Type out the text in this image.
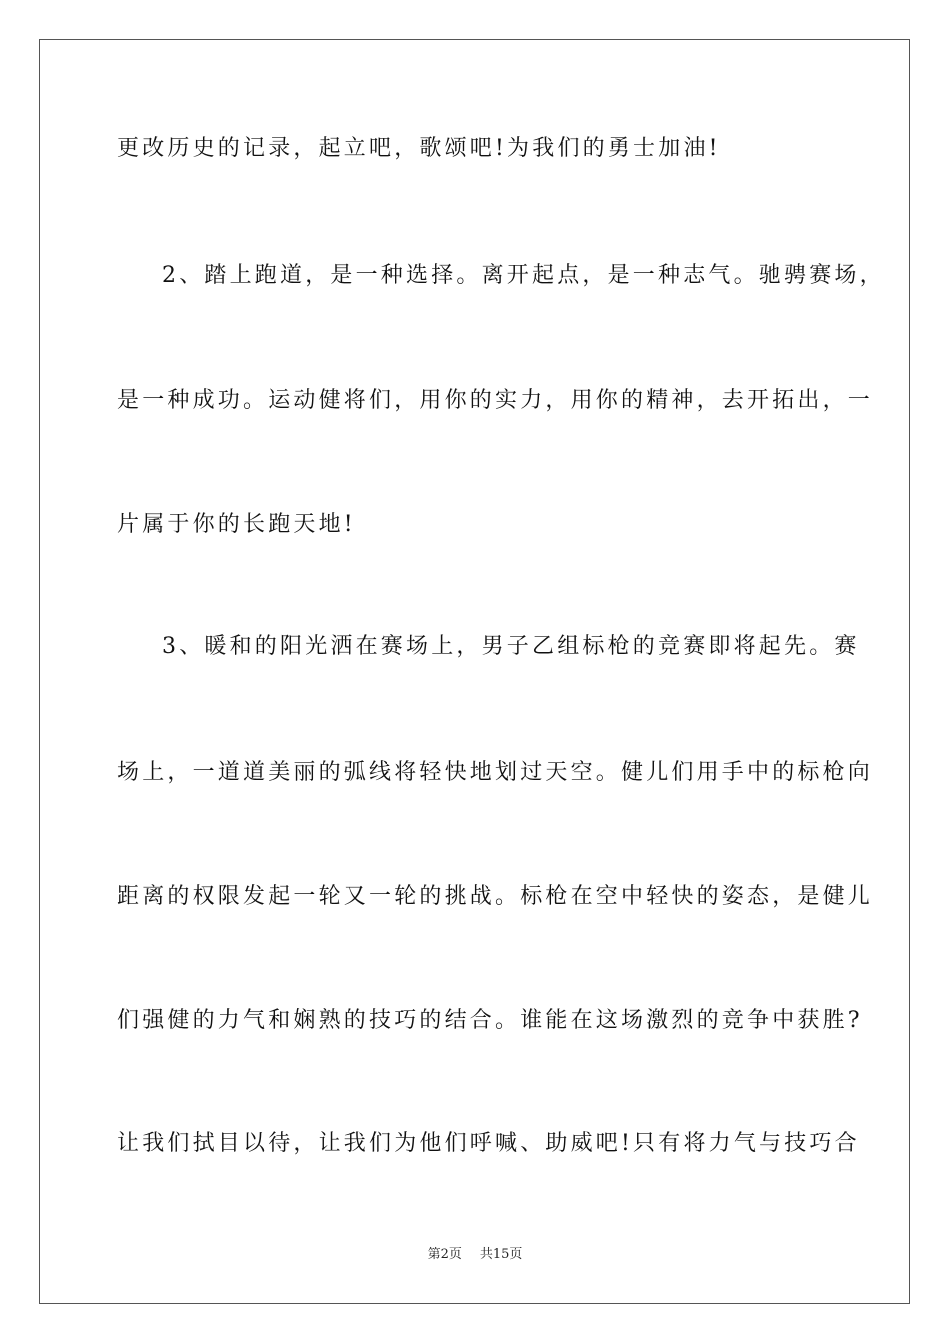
更改历史的记录，起立吧，歌颂吧!为我们的勇士加油!
2、踏上跑道，是一种选择。离开起点，是一种志气。驰骋赛场，
是一种成功。运动健将们，用你的实力，用你的精神，去开拓出，一
片属于你的长跑天地!
3、暖和的阳光洒在赛场上，男子乙组标枪的竞赛即将起先。赛
场上，一道道美丽的弧线将轻快地划过天空。健儿们用手中的标枪向
距离的权限发起一轮又一轮的挑战。标枪在空中轻快的姿态，是健儿
们强健的力气和娴熟的技巧的结合。谁能在这场激烈的竞争中获胜?
让我们拭目以待，让我们为他们呼喊、助威吧!只有将力气与技巧合
第2页 共15页
